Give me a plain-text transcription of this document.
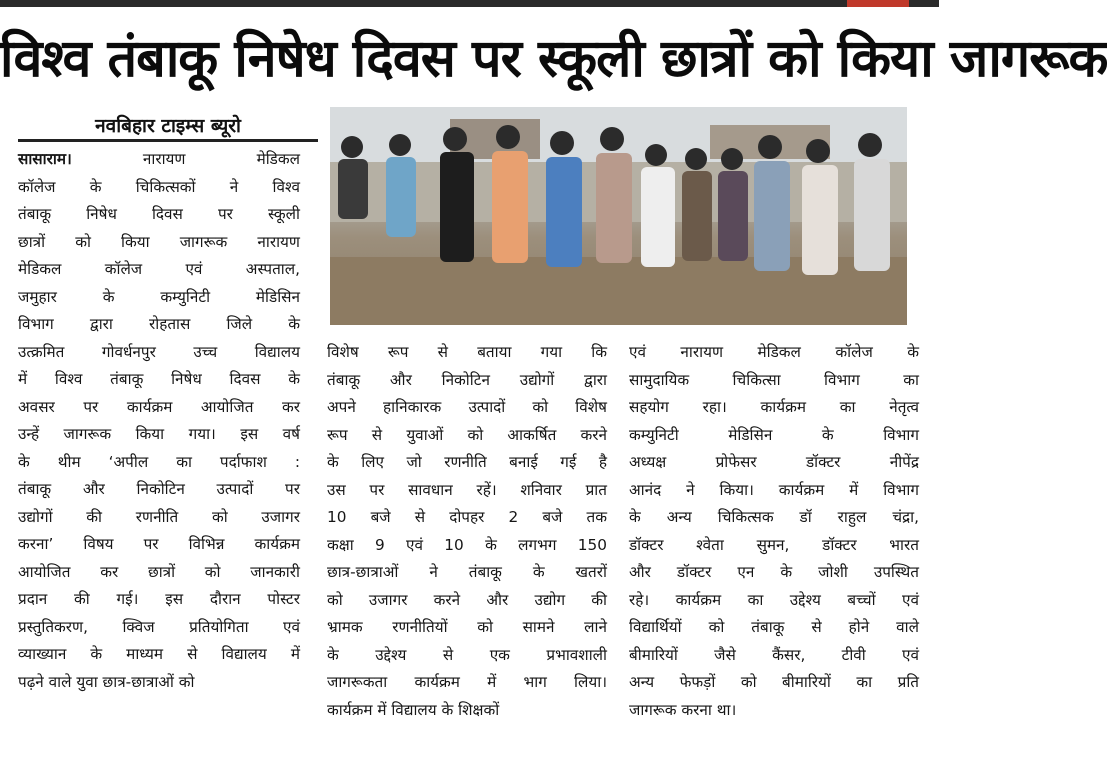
विश्व तंबाकू निषेध दिवस पर स्कूली छात्रों को किया जागरूक
नवबिहार टाइम्स ब्यूरो
सासाराम।	नारायण मेडिकल
कॉलेज के चिकित्सकों ने विश्व
तंबाकू निषेध दिवस पर स्कूली
छात्रों को किया जागरूक नारायण
मेडिकल कॉलेज एवं अस्पताल,
जमुहार के कम्युनिटी मेडिसिन
विभाग द्वारा रोहतास जिले के
उत्क्रमित गोवर्धनपुर उच्च विद्यालय
में विश्व तंबाकू निषेध दिवस के
अवसर पर कार्यक्रम आयोजित कर
उन्हें जागरूक किया गया। इस वर्ष
के थीम ‘अपील का पर्दाफाश :
तंबाकू और निकोटिन उत्पादों पर
उद्योगों की रणनीति को उजागर
करना’ विषय पर विभिन्न कार्यक्रम
आयोजित कर छात्रों को जानकारी
प्रदान की गई। इस दौरान पोस्टर
प्रस्तुतिकरण, क्विज प्रतियोगिता एवं
व्याख्यान के माध्यम से विद्यालय में
पढ़ने वाले युवा छात्र-छात्राओं को
विशेष रूप से बताया गया कि
तंबाकू और निकोटिन उद्योगों द्वारा
अपने हानिकारक उत्पादों को विशेष
रूप से युवाओं को आकर्षित करने
के लिए जो रणनीति बनाई गई है
उस पर सावधान रहें। शनिवार प्रात
10 बजे से दोपहर 2 बजे तक
कक्षा 9 एवं 10 के लगभग 150
छात्र-छात्राओं ने तंबाकू के खतरों
को उजागर करने और उद्योग की
भ्रामक रणनीतियों को सामने लाने
के उद्देश्य से एक प्रभावशाली
जागरूकता कार्यक्रम में भाग लिया।
कार्यक्रम में विद्यालय के शिक्षकों
एवं नारायण मेडिकल कॉलेज के
सामुदायिक चिकित्सा विभाग का
सहयोग रहा। कार्यक्रम का नेतृत्व
कम्युनिटी मेडिसिन के विभाग
अध्यक्ष प्रोफेसर डॉक्टर नीपेंद्र
आनंद ने किया। कार्यक्रम में विभाग
के अन्य चिकित्सक डॉ राहुल चंद्रा,
डॉक्टर श्वेता सुमन, डॉक्टर भारत
और डॉक्टर एन के जोशी उपस्थित
रहे। कार्यक्रम का उद्देश्य बच्चों एवं
विद्यार्थियों को तंबाकू से होने वाले
बीमारियों जैसे कैंसर, टीवी एवं
अन्य फेफड़ों को बीमारियों का प्रति
जागरूक करना था।
